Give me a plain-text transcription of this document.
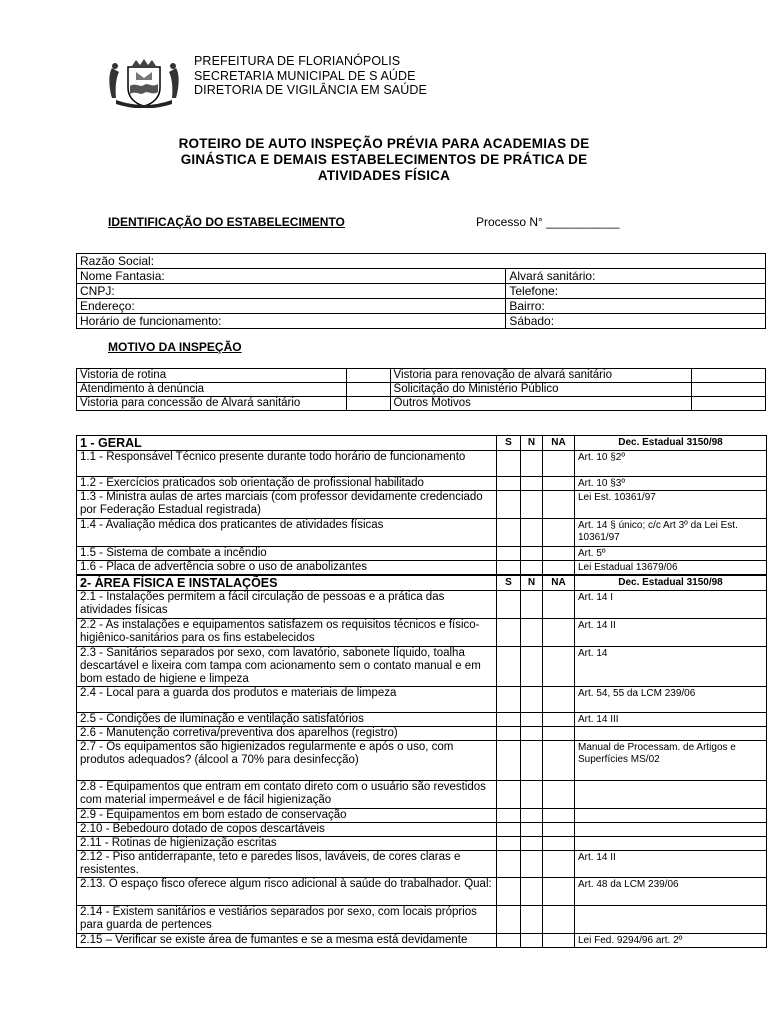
PREFEITURA DE FLORIANÓPOLIS
SECRETARIA MUNICIPAL DE S AÚDE
DIRETORIA DE VIGILÂNCIA EM SAÚDE
ROTEIRO DE AUTO INSPEÇÃO PRÉVIA PARA ACADEMIAS DE
GINÁSTICA E DEMAIS ESTABELECIMENTOS DE PRÁTICA DE
ATIVIDADES FÍSICA
IDENTIFICAÇÃO DO ESTABELECIMENTO	Processo N° ___________
Razão Social:	
Nome Fantasia:	Alvará sanitário:
CNPJ:	Telefone:
Endereço:	Bairro:
Horário de funcionamento:	Sábado:
MOTIVO DA INSPEÇÃO
Vistoria de rotina		Vistoria para renovação de alvará sanitário	
Atendimento à denúncia		Solicitação do Ministério Público	
Vistoria para concessão de Alvará sanitário		Outros Motivos	
1 - GERAL	S	N	NA	Dec. Estadual 3150/98
1.1 - Responsável Técnico presente durante todo horário de funcionamento				Art. 10 §2º
1.2 - Exercícios praticados sob orientação de profissional habilitado				Art. 10 §3º
1.3 - Ministra aulas de artes marciais (com professor devidamente credenciado por Federação Estadual registrada)				Lei Est. 10361/97
1.4 - Avaliação médica dos praticantes de atividades físicas				Art. 14 § único; c/c Art 3º da Lei Est. 10361/97
1.5 - Sistema de combate a incêndio				Art. 5º
1.6 - Placa de advertência sobre o uso de anabolizantes				Lei Estadual 13679/06
2- ÁREA FÍSICA E INSTALAÇÕES	S	N	NA	Dec. Estadual 3150/98
2.1 - Instalações permitem a fácil circulação de pessoas e a prática das atividades físicas				Art. 14 I
2.2 - As instalações e equipamentos satisfazem os requisitos técnicos e físico-higiênico-sanitários para os fins estabelecidos				Art. 14 II
2.3 - Sanitários separados por sexo, com lavatório, sabonete líquido, toalha descartável e lixeira com tampa com acionamento sem o contato manual e em bom estado de higiene e limpeza				Art. 14
2.4 - Local para a guarda dos produtos e materiais de limpeza				Art. 54, 55 da LCM 239/06
2.5 - Condições de iluminação e ventilação satisfatórios				Art. 14 III
2.6 - Manutenção corretiva/preventiva dos aparelhos (registro)				
2.7 - Os equipamentos são higienizados regularmente e após o uso, com produtos adequados? (álcool a 70% para desinfecção)				Manual de Processam. de Artigos e Superfícies MS/02
2.8 - Equipamentos que entram em contato direto com o usuário são revestidos com material impermeável e de fácil higienização				
2.9 - Equipamentos em bom estado de conservação				
2.10 - Bebedouro dotado de copos descartáveis				
2.11 - Rotinas de higienização escritas				
2.12 - Piso antiderrapante, teto e paredes lisos, laváveis, de cores claras e resistentes.				Art. 14 II
2.13. O espaço fisco oferece algum risco adicional à saúde do trabalhador. Qual:				Art. 48 da LCM 239/06
2.14 - Existem sanitários e vestiários separados por sexo, com locais próprios para guarda de pertences				
2.15 – Verificar se existe área de fumantes e se a mesma está devidamente				Lei Fed. 9294/96 art. 2º
